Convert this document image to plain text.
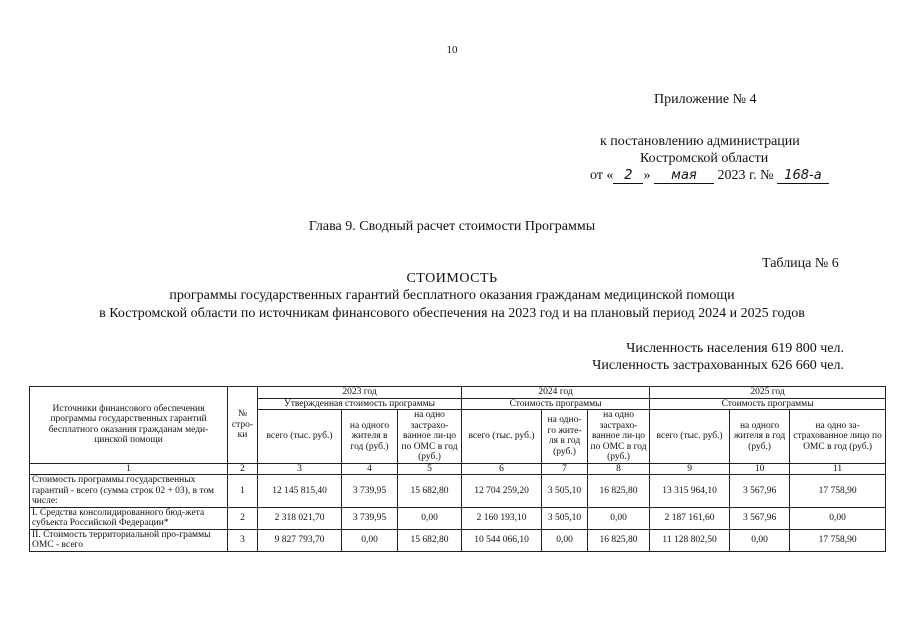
10
Приложение № 4
к постановлению администрации
Костромской области
от « 2 » мая 2023 г. № 168-а
Глава 9. Сводный расчет стоимости Программы
Таблица № 6
СТОИМОСТЬ
программы государственных гарантий бесплатного оказания гражданам медицинской помощи
в Костромской области по источникам финансового обеспечения на 2023 год и на плановый период 2024 и 2025 годов
Численность населения 619 800 чел.
Численность застрахованных 626 660 чел.
Источники финансового обеспечения программы государственных гарантий бесплатного оказания гражданам меди-цинской помощи	№ стро-ки	2023 год			2024 год			2025 год		
		Утвержденная стоимость программы			Стоимость программы			Стоимость программы		
		всего (тыс. руб.)	на одного жителя в год (руб.)	на одно застрахо-ванное ли-цо по ОМС в год (руб.)	всего (тыс. руб.)	на одно-го жите-ля в год (руб.)	на одно застрахо-ванное ли-цо по ОМС в год (руб.)	всего (тыс. руб.)	на одного жителя в год (руб.)	на одно за-страхованное лицо по ОМС в год (руб.)
1	2	3	4	5	6	7	8	9	10	11
Стоимость программы государственных гарантий - всего (сумма строк 02 + 03), в том числе:	1	12 145 815,40	3 739,95	15 682,80	12 704 259,20	3 505,10	16 825,80	13 315 964,10	3 567,96	17 758,90
I. Средства консолидированного бюд-жета субъекта Российской Федерации*	2	2 318 021,70	3 739,95	0,00	2 160 193,10	3 505,10	0,00	2 187 161,60	3 567,96	0,00
II. Стоимость территориальной про-граммы ОМС - всего	3	9 827 793,70	0,00	15 682,80	10 544 066,10	0,00	16 825,80	11 128 802,50	0,00	17 758,90
